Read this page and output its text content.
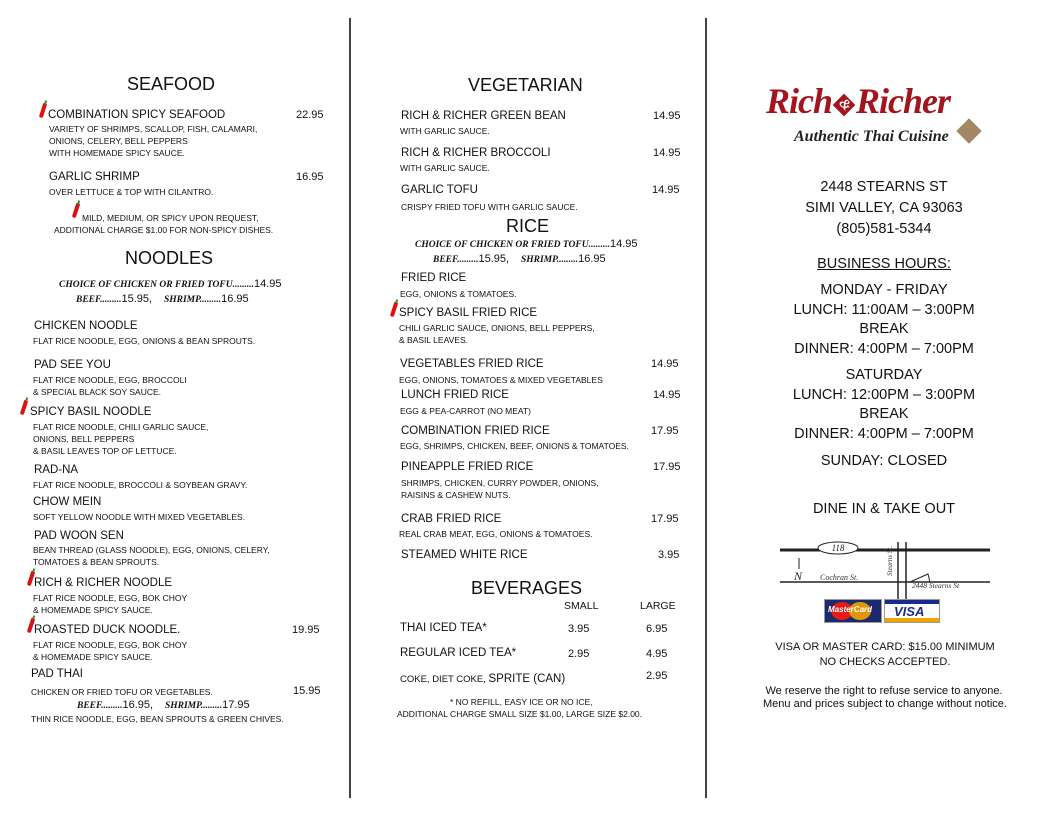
SEAFOOD
COMBINATION SPICY SEAFOOD	22.95
VARIETY OF SHRIMPS, SCALLOP, FISH, CALAMARI,
ONIONS, CELERY, BELL PEPPERS
WITH HOMEMADE SPICY SAUCE.
GARLIC SHRIMP	16.95
OVER LETTUCE & TOP WITH CILANTRO.
MILD, MEDIUM, OR SPICY UPON REQUEST,
ADDITIONAL CHARGE $1.00 FOR NON-SPICY DISHES.
NOODLES
CHOICE OF CHICKEN OR FRIED TOFU.........14.95
BEEF.........15.95, SHRIMP.........16.95
CHICKEN NOODLE
FLAT RICE NOODLE, EGG, ONIONS & BEAN SPROUTS.
PAD SEE YOU
FLAT RICE NOODLE, EGG, BROCCOLI
& SPECIAL BLACK SOY SAUCE.
SPICY BASIL NOODLE
FLAT RICE NOODLE, CHILI GARLIC SAUCE,
ONIONS, BELL PEPPERS
& BASIL LEAVES TOP OF LETTUCE.
RAD-NA
FLAT RICE NOODLE, BROCCOLI & SOYBEAN GRAVY.
CHOW MEIN
SOFT YELLOW NOODLE WITH MIXED VEGETABLES.
PAD WOON SEN
BEAN THREAD (GLASS NOODLE), EGG, ONIONS, CELERY,
TOMATOES & BEAN SPROUTS.
RICH & RICHER NOODLE
FLAT RICE NOODLE, EGG, BOK CHOY
& HOMEMADE SPICY SAUCE.
ROASTED DUCK NOODLE.	19.95
FLAT RICE NOODLE, EGG, BOK CHOY
& HOMEMADE SPICY SAUCE.
PAD THAI
CHICKEN OR FRIED TOFU OR VEGETABLES.	15.95
BEEF.........16.95, SHRIMP.........17.95
THIN RICE NOODLE, EGG, BEAN SPROUTS & GREEN CHIVES.
VEGETARIAN
RICH & RICHER GREEN BEAN	14.95
WITH GARLIC SAUCE.
RICH & RICHER BROCCOLI	14.95
WITH GARLIC SAUCE.
GARLIC TOFU	14.95
CRISPY FRIED TOFU WITH GARLIC SAUCE.
RICE
CHOICE OF CHICKEN OR FRIED TOFU.........14.95
BEEF.........15.95, SHRIMP.........16.95
FRIED RICE
EGG, ONIONS & TOMATOES.
SPICY BASIL FRIED RICE
CHILI GARLIC SAUCE, ONIONS, BELL PEPPERS,
& BASIL LEAVES.
VEGETABLES FRIED RICE	14.95
EGG, ONIONS, TOMATOES & MIXED VEGETABLES
LUNCH FRIED RICE	14.95
EGG & PEA-CARROT (NO MEAT)
COMBINATION FRIED RICE	17.95
EGG, SHRIMPS, CHICKEN, BEEF, ONIONS & TOMATOES.
PINEAPPLE FRIED RICE	17.95
SHRIMPS, CHICKEN, CURRY POWDER, ONIONS,
RAISINS & CASHEW NUTS.
CRAB FRIED RICE	17.95
REAL CRAB MEAT, EGG, ONIONS & TOMATOES.
STEAMED WHITE RICE	3.95
BEVERAGES
SMALL	LARGE
THAI ICED TEA*	3.95	6.95
REGULAR ICED TEA*	2.95	4.95
COKE, DIET COKE, SPRITE (CAN)	2.95
* NO REFILL, EASY ICE OR NO ICE,
ADDITIONAL CHARGE SMALL SIZE $1.00, LARGE SIZE $2.00.
Rich &Richer
Authentic Thai Cuisine
2448 STEARNS ST
SIMI VALLEY, CA 93063
(805)581-5344
BUSINESS HOURS:
MONDAY - FRIDAY
LUNCH: 11:00AM – 3:00PM
BREAK
DINNER: 4:00PM – 7:00PM
SATURDAY
LUNCH: 12:00PM – 3:00PM
BREAK
DINNER: 4:00PM – 7:00PM
SUNDAY: CLOSED
DINE IN & TAKE OUT
118
Cochran St.
Stearns St.
2448 Stearns St
N
MasterCard VISA
VISA OR MASTER CARD: $15.00 MINIMUM
NO CHECKS ACCEPTED.
We reserve the right to refuse service to anyone.
Menu and prices subject to change without notice.
